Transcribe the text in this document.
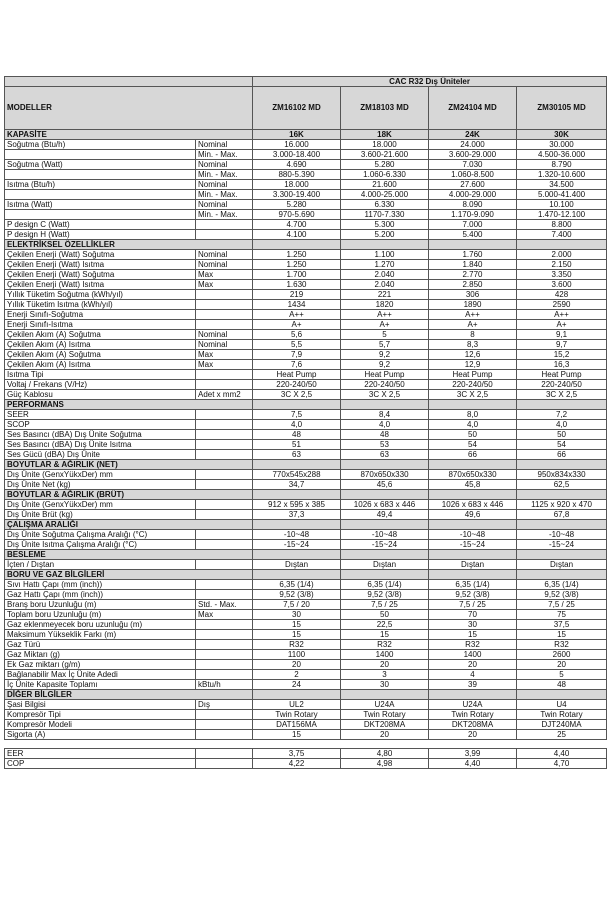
		CAC R32 Dış Üniteler			
MODELLER		ZM16102 MD	ZM18103 MD	ZM24104 MD	ZM30105 MD
KAPASİTE		16K	18K	24K	30K
Soğutma (Btu/h)	Nominal	16.000	18.000	24.000	30.000
	Min. - Max.	3.000-18.400	3.600-21.600	3.600-29.000	4.500-36.000
Soğutma (Watt)	Nominal	4.690	5.280	7.030	8.790
	Min. - Max.	880-5.390	1.060-6.330	1.060-8.500	1.320-10.600
Isıtma (Btu/h)	Nominal	18.000	21.600	27.600	34.500
	Min. - Max.	3.300-19.400	4.000-25.000	4.000-29.000	5.000-41.400
Isıtma (Watt)	Nominal	5.280	6.330	8.090	10.100
	Min. - Max.	970-5.690	1170-7.330	1.170-9.090	1.470-12.100
P design C (Watt)		4.700	5.300	7.000	8.800
P design H (Watt)		4.100	5.200	5.400	7.400
ELEKTRİKSEL ÖZELLİKLER					
Çekilen Enerji (Watt) Soğutma	Nominal	1.250	1.100	1.760	2.000
Çekilen Enerji (Watt) Isıtma	Nominal	1.250	1.270	1.840	2.150
Çekilen Enerji (Watt) Soğutma	Max	1.700	2.040	2.770	3.350
Çekilen Enerji (Watt) Isıtma	Max	1.630	2.040	2.850	3.600
Yıllık Tüketim Soğutma (kWh/yıl)		219	221	306	428
Yıllık Tüketim Isıtma (kWh/yıl)		1434	1820	1890	2590
Enerji Sınıfı-Soğutma		A++	A++	A++	A++
Enerji Sınıfı-Isıtma		A+	A+	A+	A+
Çekilen Akım (A) Soğutma	Nominal	5,6	5	8	9,1
Çekilen Akım (A) Isıtma	Nominal	5,5	5,7	8,3	9,7
Çekilen Akım (A) Soğutma	Max	7,9	9,2	12,6	15,2
Çekilen Akım (A) Isıtma	Max	7,6	9,2	12,9	16,3
Isıtma Tipi		Heat Pump	Heat Pump	Heat Pump	Heat Pump
Voltaj / Frekans (V/Hz)		220-240/50	220-240/50	220-240/50	220-240/50
Güç Kablosu	Adet x mm2	3C X 2,5	3C X 2,5	3C X 2,5	3C X 2,5
PERFORMANS					
SEER		7,5	8,4	8,0	7,2
SCOP		4,0	4,0	4,0	4,0
Ses Basıncı (dBA) Dış Ünite Soğutma		48	48	50	50
Ses Basıncı (dBA) Dış Ünite Isıtma		51	53	54	54
Ses Gücü (dBA) Dış Ünite		63	63	66	66
BOYUTLAR & AĞIRLIK (NET)					
Dış Ünite (GenxYükxDer) mm		770x545x288	870x650x330	870x650x330	950x834x330
Dış Ünite Net (kg)		34,7	45,6	45,8	62,5
BOYUTLAR & AĞIRLIK (BRÜT)					
Dış Ünite (GenxYükxDer) mm		912 x 595 x 385	1026 x 683 x 446	1026 x 683 x 446	1125 x 920 x 470
Dış Ünite Brüt (kg)		37,3	49,4	49,6	67,8
ÇALIŞMA ARALIĞI					
Dış Ünite Soğutma Çalışma Aralığı (°C)		-10~48	-10~48	-10~48	-10~48
Dış Ünite Isıtma Çalışma Aralığı (°C)		-15~24	-15~24	-15~24	-15~24
BESLEME					
İçten / Dıştan		Dıştan	Dıştan	Dıştan	Dıştan
BORU VE GAZ BİLGİLERİ					
Sıvı Hattı Çapı (mm (inch))		6,35 (1/4)	6,35 (1/4)	6,35 (1/4)	6,35 (1/4)
Gaz Hattı Çapı (mm (inch))		9,52 (3/8)	9,52 (3/8)	9,52 (3/8)	9,52 (3/8)
Branş boru Uzunluğu (m)	Std. - Max.	7,5 / 20	7,5 / 25	7,5 / 25	7,5 / 25
Toplam boru Uzunluğu (m)	Max	30	50	70	75
Gaz eklenmeyecek boru uzunluğu (m)		15	22,5	30	37,5
Maksimum Yükseklik Farkı (m)		15	15	15	15
Gaz Türü		R32	R32	R32	R32
Gaz Miktarı (g)		1100	1400	1400	2600
Ek Gaz miktarı (g/m)		20	20	20	20
Bağlanabilir Max İç Ünite Adedi		2	3	4	5
İç Ünite Kapasite Toplamı	kBtu/h	24	30	39	48
DİĞER BİLGİLER					
Şasi Bilgisi	Dış	UL2	U24A	U24A	U4
Kompresör Tipi		Twin Rotary	Twin Rotary	Twin Rotary	Twin Rotary
Kompresör Modeli		DAT156MA	DKT208MA	DKT208MA	DJT240MA
Sigorta (A)		15	20	20	25

EER		3,75	4,80	3,99	4,40
COP		4,22	4,98	4,40	4,70
